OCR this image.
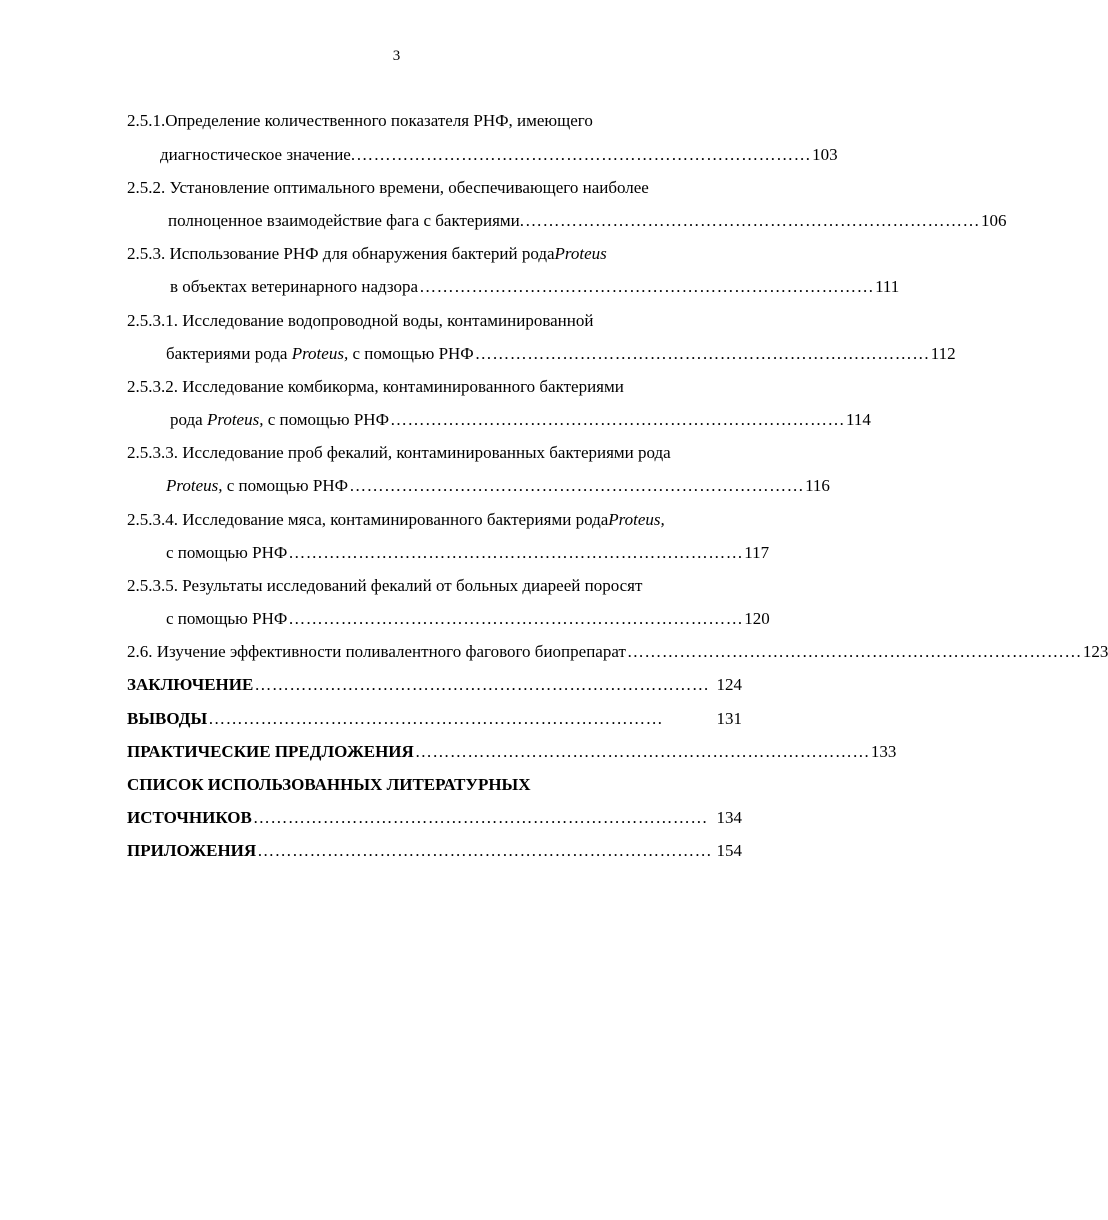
3
2.5.1.Определение количественного показателя РНФ, имеющего
диагностическое значение. …………………………………………………………………… 103
2.5.2. Установление оптимального времени, обеспечивающего наиболее
полноценное взаимодействие фага с бактериями. …………………………………………………………………… 106
2.5.3. Использование РНФ для обнаружения бактерий рода Proteus
в объектах ветеринарного надзора …………………………………………………………………… 111
2.5.3.1. Исследование водопроводной воды, контаминированной
бактериями рода Proteus, с помощью РНФ …………………………………………………………………… 112
2.5.3.2. Исследование комбикорма, контаминированного бактериями
рода Proteus, с помощью РНФ …………………………………………………………………… 114
2.5.3.3. Исследование проб фекалий, контаминированных бактериями рода
Proteus, с помощью РНФ …………………………………………………………………… 116
2.5.3.4. Исследование мяса, контаминированного бактериями рода Proteus,
с помощью РНФ …………………………………………………………………… 117
2.5.3.5. Результаты исследований фекалий от больных диареей поросят
с помощью РНФ …………………………………………………………………… 120
2.6. Изучение эффективности поливалентного фагового биопрепарат …………………………………………………………………… 123
ЗАКЛЮЧЕНИЕ …………………………………………………………………… 124
ВЫВОДЫ ……………………………………………………………………	131
ПРАКТИЧЕСКИЕ ПРЕДЛОЖЕНИЯ …………………………………………………………………… 133
СПИСОК ИСПОЛЬЗОВАННЫХ ЛИТЕРАТУРНЫХ
ИСТОЧНИКОВ …………………………………………………………………… 134
ПРИЛОЖЕНИЯ …………………………………………………………………… 154
